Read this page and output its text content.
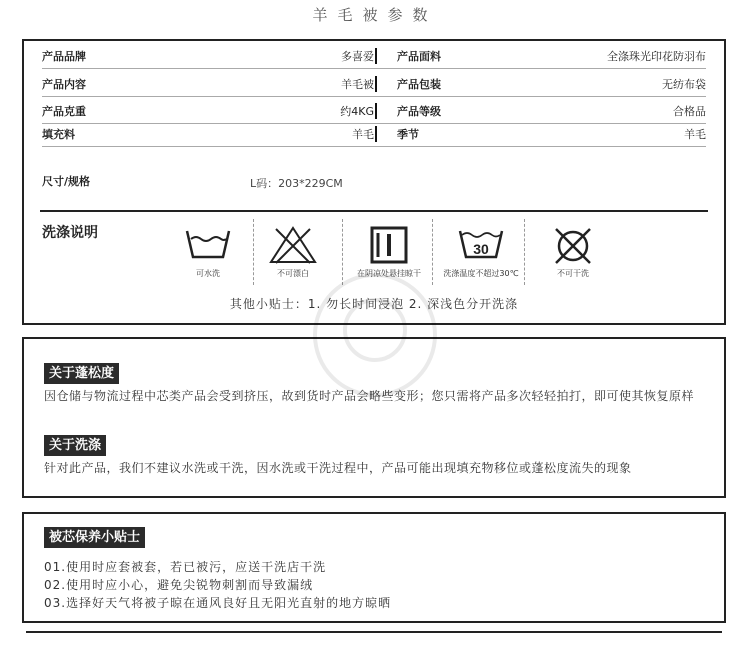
羊毛被参数
产品品牌	多喜爱 产品面料	全涤珠光印花防羽布
产品内容	羊毛被 产品包装	无纺布袋
产品克重	约4KG 产品等级	合格品
填充料	羊毛 季节	羊毛
尺寸/规格	L码：203*229CM
洗涤说明
可水洗	不可漂白	在阴凉处悬挂晾干
30
洗涤温度不超过30℃	不可干洗
其他小贴士：1. 勿长时间浸泡 2. 深浅色分开洗涤
关于蓬松度
因仓储与物流过程中芯类产品会受到挤压，故到货时产品会略些变形；您只需将产品多次轻轻拍打，即可使其恢复原样
关于洗涤
针对此产品，我们不建议水洗或干洗，因水洗或干洗过程中，产品可能出现填充物移位或蓬松度流失的现象
被芯保养小贴士
01.使用时应套被套，若已被污，应送干洗店干洗
02.使用时应小心，避免尖锐物刺割而导致漏绒
03.选择好天气将被子晾在通风良好且无阳光直射的地方晾晒
